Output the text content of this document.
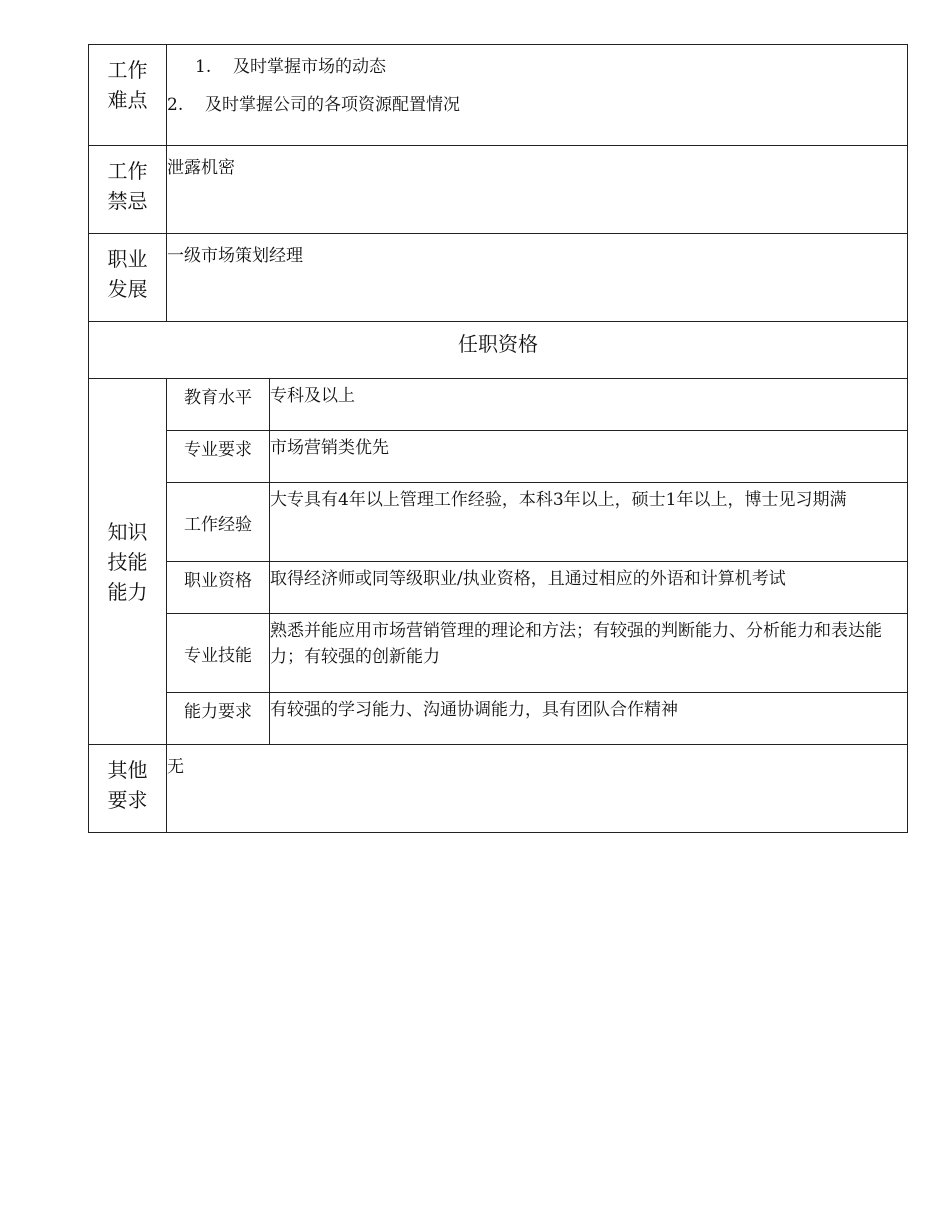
工作
难点	1. 及时掌握市场的动态
2. 及时掌握公司的各项资源配置情况	

工作
禁忌	泄露机密	

职业
发展	一级市场策划经理	
任职资格		

知识
技能
能力	教育水平	专科及以上
	专业要求	市场营销类优先
	工作经验	大专具有4年以上管理工作经验，本科3年以上，硕士1年以上，博士见习期满
	职业资格	取得经济师或同等级职业/执业资格，且通过相应的外语和计算机考试
	专业技能	熟悉并能应用市场营销管理的理论和方法；有较强的判断能力、分析能力和表达能力；有较强的创新能力
	能力要求	有较强的学习能力、沟通协调能力，具有团队合作精神

其他
要求	无	
